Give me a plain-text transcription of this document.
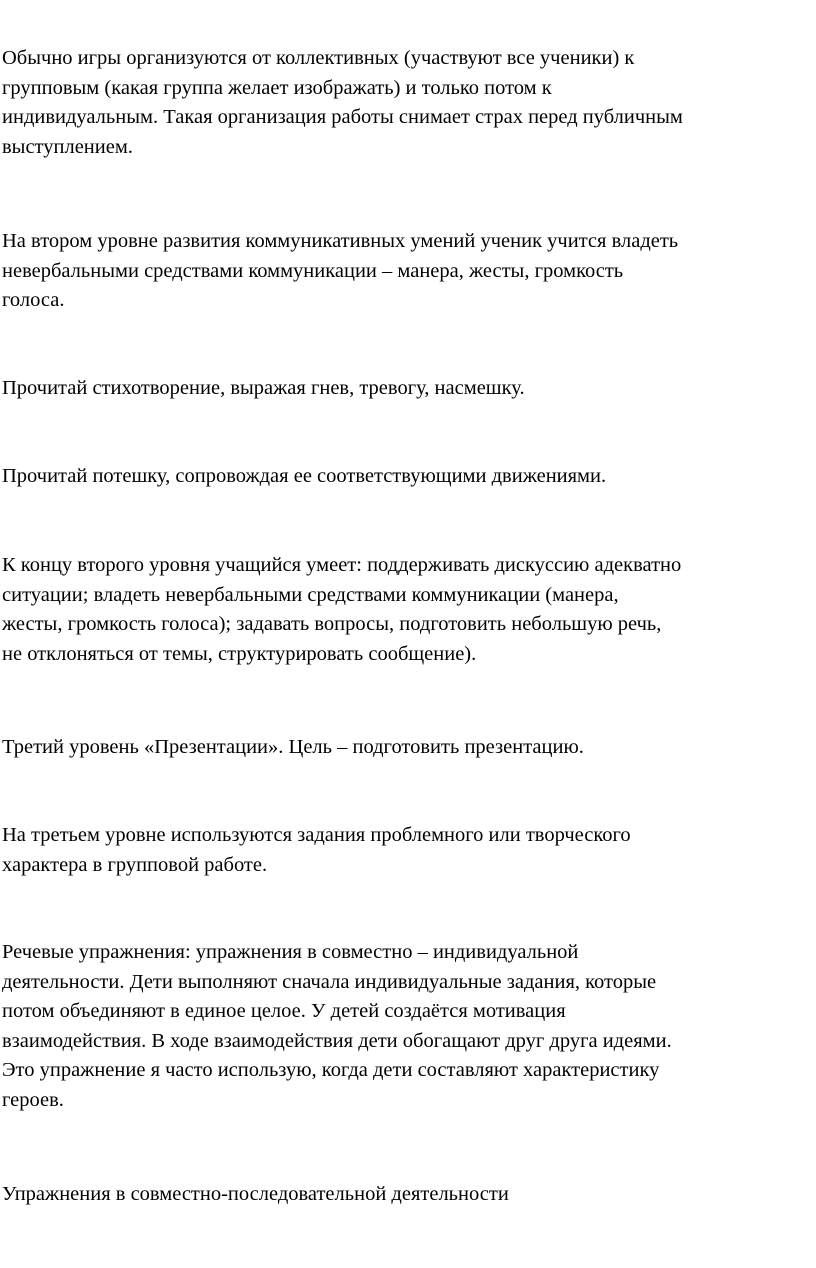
Обычно игры организуются от коллективных (участвуют все ученики) к
групповым (какая группа желает изображать) и только потом к
индивидуальным. Такая организация работы снимает страх перед публичным
выступлением.

На втором уровне развития коммуникативных умений ученик учится владеть
невербальными средствами коммуникации – манера, жесты, громкость
голоса.

Прочитай стихотворение, выражая гнев, тревогу, насмешку.

Прочитай потешку, сопровождая ее соответствующими движениями.

К концу второго уровня учащийся умеет: поддерживать дискуссию адекватно
ситуации; владеть невербальными средствами коммуникации (манера,
жесты, громкость голоса); задавать вопросы, подготовить небольшую речь,
не отклоняться от темы, структурировать сообщение).

Третий уровень «Презентации». Цель – подготовить презентацию.

На третьем уровне используются задания проблемного или творческого
характера в групповой работе.

Речевые упражнения: упражнения в совместно – индивидуальной
деятельности. Дети выполняют сначала индивидуальные задания, которые
потом объединяют в единое целое. У детей создаётся мотивация
взаимодействия. В ходе взаимодействия дети обогащают друг друга идеями.
Это упражнение я часто использую, когда дети составляют характеристику
героев.

Упражнения в совместно-последовательной деятельности
